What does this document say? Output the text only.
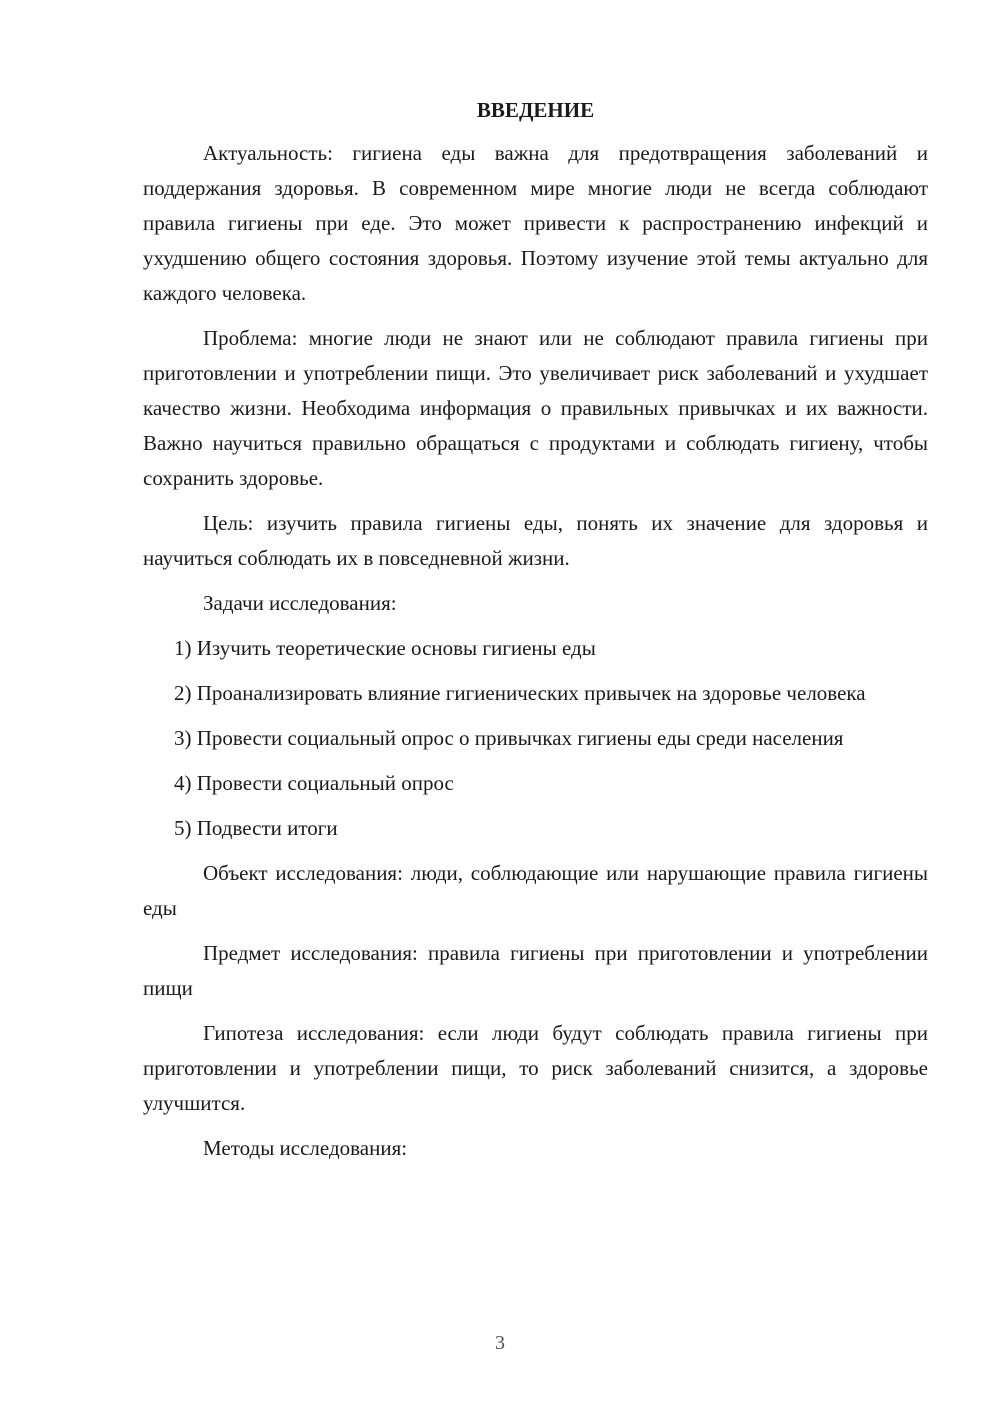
ВВЕДЕНИЕ

Актуальность: гигиена еды важна для предотвращения заболеваний и поддержания здоровья. В современном мире многие люди не всегда соблюдают правила гигиены при еде. Это может привести к распространению инфекций и ухудшению общего состояния здоровья. Поэтому изучение этой темы актуально для каждого человека.

Проблема: многие люди не знают или не соблюдают правила гигиены при приготовлении и употреблении пищи. Это увеличивает риск заболеваний и ухудшает качество жизни. Необходима информация о правильных привычках и их важности. Важно научиться правильно обращаться с продуктами и соблюдать гигиену, чтобы сохранить здоровье.

Цель: изучить правила гигиены еды, понять их значение для здоровья и научиться соблюдать их в повседневной жизни.

Задачи исследования:

1) Изучить теоретические основы гигиены еды

2) Проанализировать влияние гигиенических привычек на здоровье человека

3) Провести социальный опрос о привычках гигиены еды среди населения

4) Провести социальный опрос

5) Подвести итоги

Объект исследования: люди, соблюдающие или нарушающие правила гигиены еды

Предмет исследования: правила гигиены при приготовлении и употреблении пищи

Гипотеза исследования: если люди будут соблюдать правила гигиены при приготовлении и употреблении пищи, то риск заболеваний снизится, а здоровье улучшится.

Методы исследования:

3
